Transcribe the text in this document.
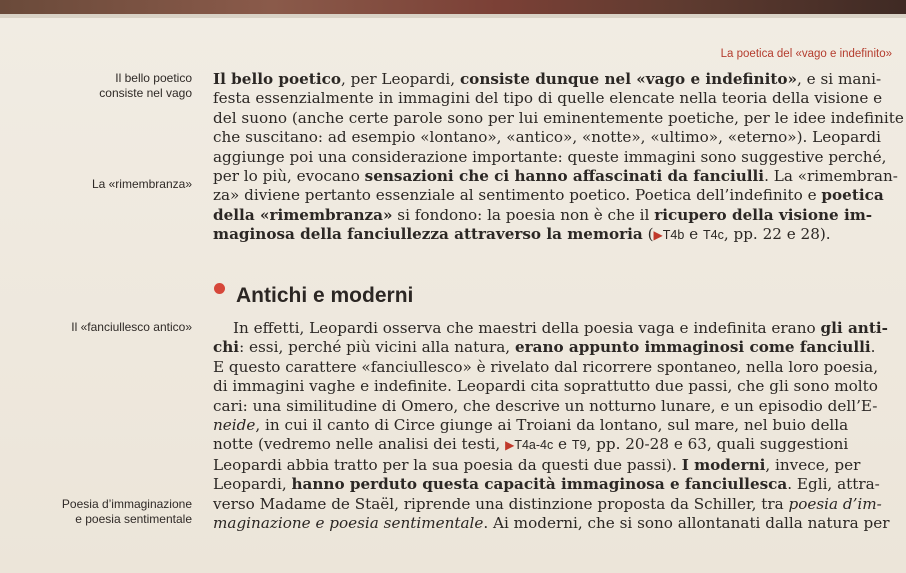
La poetica del «vago e indefinito»
Il bello poetico
consiste nel vago
La «rimembranza»
Il «fanciullesco antico»
Poesia d’immaginazione
e poesia sentimentale
Il bello poetico, per Leopardi, consiste dunque nel «vago e indefinito», e si mani-
festa essenzialmente in immagini del tipo di quelle elencate nella teoria della visione e
del suono (anche certe parole sono per lui eminentemente poetiche, per le idee indefinite
che suscitano: ad esempio «lontano», «antico», «notte», «ultimo», «eterno»). Leopardi
aggiunge poi una considerazione importante: queste immagini sono suggestive perché,
per lo più, evocano sensazioni che ci hanno affascinati da fanciulli. La «rimembran-
za» diviene pertanto essenziale al sentimento poetico. Poetica dell’indefinito e poetica
della «rimembranza» si fondono: la poesia non è che il ricupero della visione im-
maginosa della fanciullezza attraverso la memoria (▶T4b e T4c, pp. 22 e 28).
Antichi e moderni
In effetti, Leopardi osserva che maestri della poesia vaga e indefinita erano gli anti-
chi: essi, perché più vicini alla natura, erano appunto immaginosi come fanciulli.
E questo carattere «fanciullesco» è rivelato dal ricorrere spontaneo, nella loro poesia,
di immagini vaghe e indefinite. Leopardi cita soprattutto due passi, che gli sono molto
cari: una similitudine di Omero, che descrive un notturno lunare, e un episodio dell’E-
neide, in cui il canto di Circe giunge ai Troiani da lontano, sul mare, nel buio della
notte (vedremo nelle analisi dei testi, ▶T4a-4c e T9, pp. 20-28 e 63, quali suggestioni
Leopardi abbia tratto per la sua poesia da questi due passi). I moderni, invece, per
Leopardi, hanno perduto questa capacità immaginosa e fanciullesca. Egli, attra-
verso Madame de Staël, riprende una distinzione proposta da Schiller, tra poesia d’im-
maginazione e poesia sentimentale. Ai moderni, che si sono allontanati dalla natura per
